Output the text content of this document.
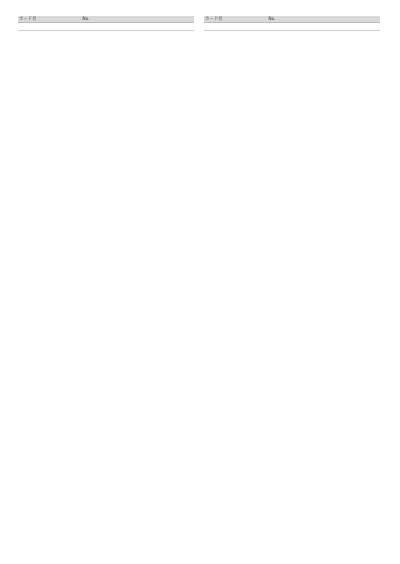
カード名	No.			
					カード名	No.			
